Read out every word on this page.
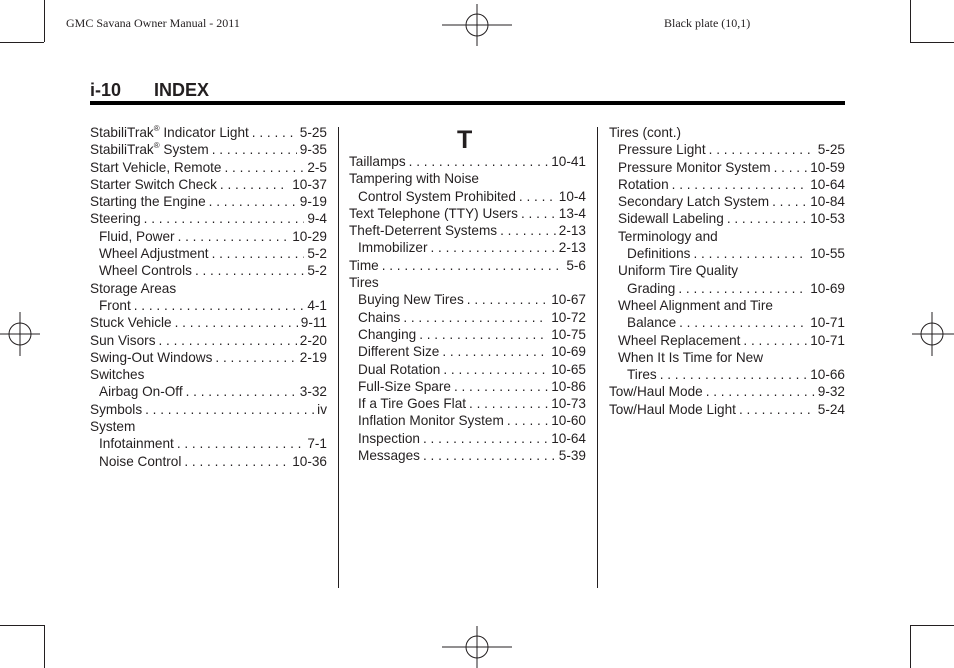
GMC Savana Owner Manual - 2011	Black plate (10,1)
i-10 INDEX
StabiliTrak® Indicator Light . . .	5-25
StabiliTrak® System . . .	9-35
Start Vehicle, Remote . . .	2-5
Starter Switch Check . . .	10-37
Starting the Engine . . .	9-19
Steering . . .	9-4
Fluid, Power . . .	10-29
Wheel Adjustment . . .	5-2
Wheel Controls . . .	5-2
Storage Areas
Front . . .	4-1
Stuck Vehicle . . .	9-11
Sun Visors . . .	2-20
Swing-Out Windows . . .	2-19
Switches
Airbag On-Off . . .	3-32
Symbols . . .	iv
System
Infotainment . . .	7-1
Noise Control . . .	10-36
T
Taillamps . . .	10-41
Tampering with Noise
Control System Prohibited . . .	10-4
Text Telephone (TTY) Users . . .	13-4
Theft-Deterrent Systems . . .	2-13
Immobilizer . . .	2-13
Time . . .	5-6
Tires
Buying New Tires . . .	10-67
Chains . . .	10-72
Changing . . .	10-75
Different Size . . .	10-69
Dual Rotation . . .	10-65
Full-Size Spare . . .	10-86
If a Tire Goes Flat . . .	10-73
Inflation Monitor System . . .	10-60
Inspection . . .	10-64
Messages . . .	5-39
Tires (cont.)
Pressure Light . . .	5-25
Pressure Monitor System . . .	10-59
Rotation . . .	10-64
Secondary Latch System . . .	10-84
Sidewall Labeling . . .	10-53
Terminology and
Definitions . . .	10-55
Uniform Tire Quality
Grading . . .	10-69
Wheel Alignment and Tire
Balance . . .	10-71
Wheel Replacement . . .	10-71
When It Is Time for New
Tires . . .	10-66
Tow/Haul Mode . . .	9-32
Tow/Haul Mode Light . . .	5-24
